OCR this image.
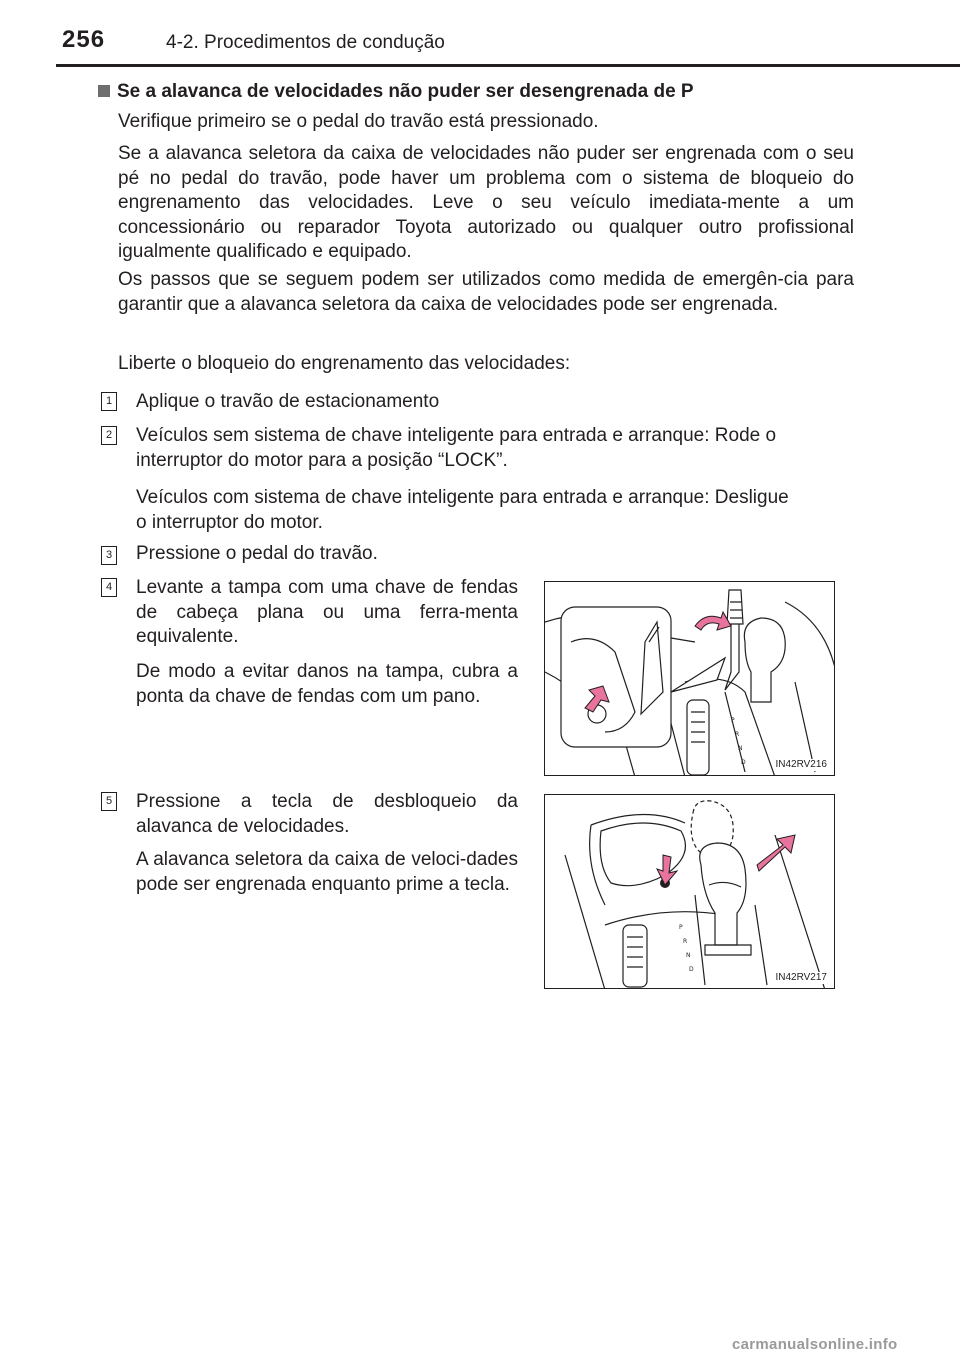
256	4-2. Procedimentos de condução
Se a alavanca de velocidades não puder ser desengrenada de P

Verifique primeiro se o pedal do travão está pressionado.

Se a alavanca seletora da caixa de velocidades não puder ser engrenada com o seu pé no pedal do travão, pode haver um problema com o sistema de bloqueio do engrenamento das velocidades. Leve o seu veículo imediata-mente a um concessionário ou reparador Toyota autorizado ou qualquer outro profissional igualmente qualificado e equipado.

Os passos que se seguem podem ser utilizados como medida de emergên-cia para garantir que a alavanca seletora da caixa de velocidades pode ser engrenada.

Liberte o bloqueio do engrenamento das velocidades:

1 Aplique o travão de estacionamento

2 Veículos sem sistema de chave inteligente para entrada e arranque: Rode o interruptor do motor para a posição “LOCK”.

Veículos com sistema de chave inteligente para entrada e arranque: Desligue o interruptor do motor.

3 Pressione o pedal do travão.

4 Levante a tampa com uma chave de fendas de cabeça plana ou uma ferra-menta equivalente.

De modo a evitar danos na tampa, cubra a ponta da chave de fendas com um pano.

5 Pressione a tecla de desbloqueio da alavanca de velocidades.

A alavanca seletora da caixa de veloci-dades pode ser engrenada enquanto prime a tecla.

P
R
N
D	IN42RV216
P
R
N
D
IN42RV217
carmanualsonline.info
